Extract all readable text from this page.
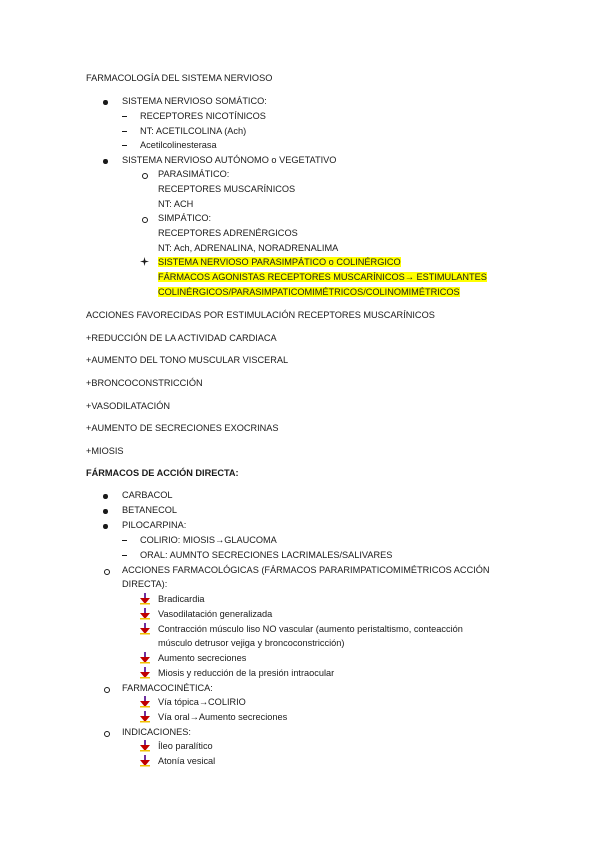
FARMACOLOGÍA DEL SISTEMA NERVIOSO
SISTEMA NERVIOSO SOMÁTICO:
RECEPTORES NICOTÍNICOS
NT: ACETILCOLINA (Ach)
Acetilcolinesterasa
SISTEMA NERVIOSO AUTÓNOMO o VEGETATIVO
PARASIMÁTICO:
RECEPTORES MUSCARÍNICOS
NT: ACH
SIMPÁTICO:
RECEPTORES ADRENÉRGICOS
NT: Ach, ADRENALINA, NORADRENALIMA
SISTEMA NERVIOSO PARASIMPÁTICO o COLINÉRGICO
FÁRMACOS AGONISTAS RECEPTORES MUSCARÍNICOS→ ESTIMULANTES
COLINÉRGICOS/PARASIMPATICOMIMÉTRICOS/COLINOMIMÉTRICOS
ACCIONES FAVORECIDAS POR ESTIMULACIÓN RECEPTORES MUSCARÍNICOS
+REDUCCIÓN DE LA ACTIVIDAD CARDIACA
+AUMENTO DEL TONO MUSCULAR VISCERAL
+BRONCOCONSTRICCIÓN
+VASODILATACIÓN
+AUMENTO DE SECRECIONES EXOCRINAS
+MIOSIS
FÁRMACOS DE ACCIÓN DIRECTA:
CARBACOL
BETANECOL
PILOCARPINA:
COLIRIO: MIOSIS→GLAUCOMA
ORAL: AUMNTO SECRECIONES LACRIMALES/SALIVARES
ACCIONES FARMACOLÓGICAS (FÁRMACOS PARARIMPATICOMIMÉTRICOS ACCIÓN
DIRECTA):
Bradicardia
Vasodilatación generalizada
Contracción músculo liso NO vascular (aumento peristaltismo, conteacción
músculo detrusor vejiga y broncoconstricción)
Aumento secreciones
Miosis y reducción de la presión intraocular
FARMACOCINÉTICA:
Vía tópica→COLIRIO
Vía oral→Aumento secreciones
INDICACIONES:
Íleo paralítico
Atonía vesical
